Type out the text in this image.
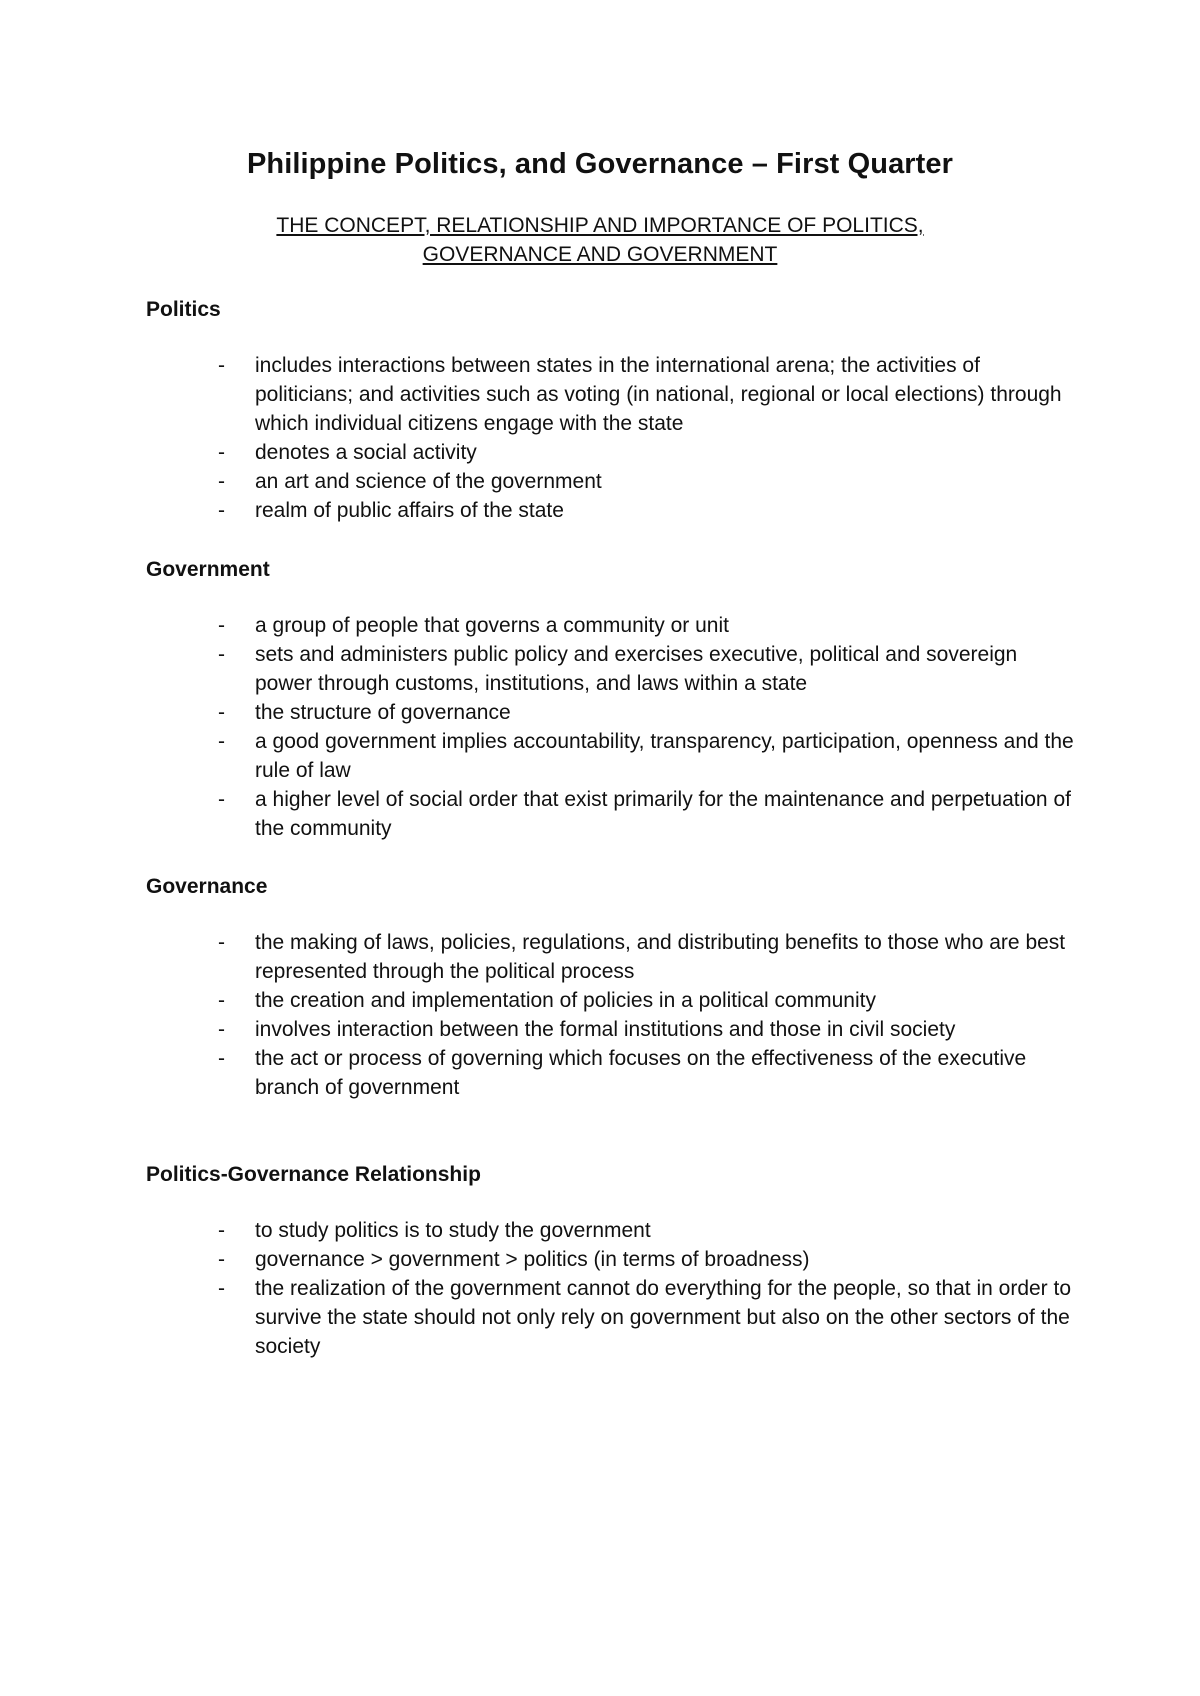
Philippine Politics, and Governance – First Quarter

THE CONCEPT, RELATIONSHIP AND IMPORTANCE OF POLITICS, GOVERNANCE AND GOVERNMENT

Politics
- includes interactions between states in the international arena; the activities of politicians; and activities such as voting (in national, regional or local elections) through which individual citizens engage with the state
- denotes a social activity
- an art and science of the government
- realm of public affairs of the state
Government
- a group of people that governs a community or unit
- sets and administers public policy and exercises executive, political and sovereign power through customs, institutions, and laws within a state
- the structure of governance
- a good government implies accountability, transparency, participation, openness and the rule of law
- a higher level of social order that exist primarily for the maintenance and perpetuation of the community
Governance
- the making of laws, policies, regulations, and distributing benefits to those who are best represented through the political process
- the creation and implementation of policies in a political community
- involves interaction between the formal institutions and those in civil society
- the act or process of governing which focuses on the effectiveness of the executive branch of government
Politics-Governance Relationship
- to study politics is to study the government
- governance > government > politics (in terms of broadness)
- the realization of the government cannot do everything for the people, so that in order to survive the state should not only rely on government but also on the other sectors of the society
